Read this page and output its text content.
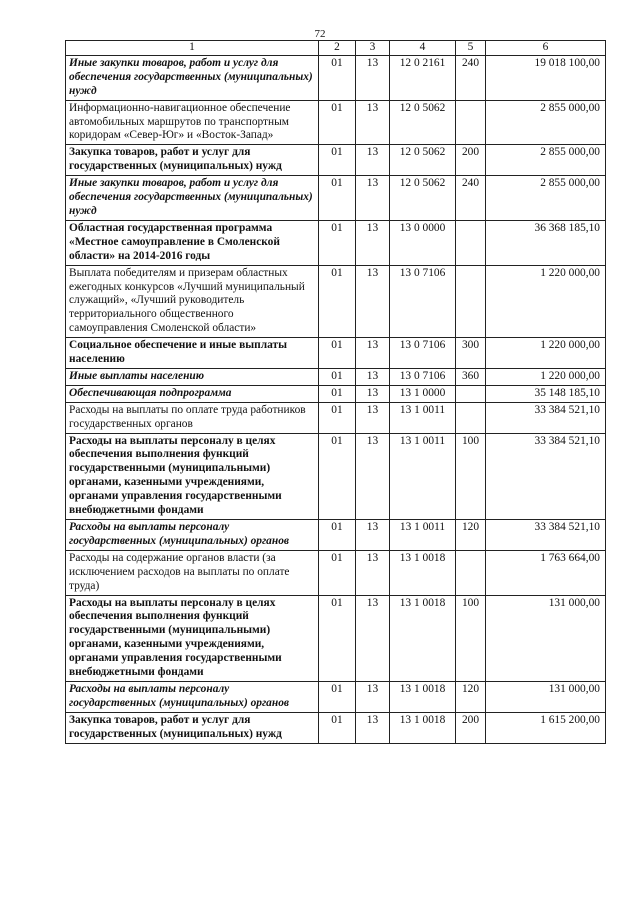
72
1	2	3	4	5	6
Иные закупки товаров, работ и услуг для обеспечения государственных (муниципальных) нужд	01	13	12 0 2161	240	19 018 100,00
Информационно-навигационное обеспечение автомобильных маршрутов по транспортным коридорам «Север-Юг» и «Восток-Запад»	01	13	12 0 5062		2 855 000,00
Закупка товаров, работ и услуг для государственных (муниципальных) нужд	01	13	12 0 5062	200	2 855 000,00
Иные закупки товаров, работ и услуг для обеспечения государственных (муниципальных) нужд	01	13	12 0 5062	240	2 855 000,00
Областная государственная программа «Местное самоуправление в Смоленской области» на 2014-2016 годы	01	13	13 0 0000		36 368 185,10
Выплата победителям и призерам областных ежегодных конкурсов «Лучший муниципальный служащий», «Лучший руководитель территориального общественного самоуправления Смоленской области»	01	13	13 0 7106		1 220 000,00
Социальное обеспечение и иные выплаты населению	01	13	13 0 7106	300	1 220 000,00
Иные выплаты населению	01	13	13 0 7106	360	1 220 000,00
Обеспечивающая подпрограмма	01	13	13 1 0000		35 148 185,10
Расходы на выплаты по оплате труда работников государственных органов	01	13	13 1 0011		33 384 521,10
Расходы на выплаты персоналу в целях обеспечения выполнения функций государственными (муниципальными) органами, казенными учреждениями, органами управления государственными внебюджетными фондами	01	13	13 1 0011	100	33 384 521,10
Расходы на выплаты персоналу государственных (муниципальных) органов	01	13	13 1 0011	120	33 384 521,10
Расходы на содержание органов власти (за исключением расходов на выплаты по оплате труда)	01	13	13 1 0018		1 763 664,00
Расходы на выплаты персоналу в целях обеспечения выполнения функций государственными (муниципальными) органами, казенными учреждениями, органами управления государственными внебюджетными фондами	01	13	13 1 0018	100	131 000,00
Расходы на выплаты персоналу государственных (муниципальных) органов	01	13	13 1 0018	120	131 000,00
Закупка товаров, работ и услуг для государственных (муниципальных) нужд	01	13	13 1 0018	200	1 615 200,00
